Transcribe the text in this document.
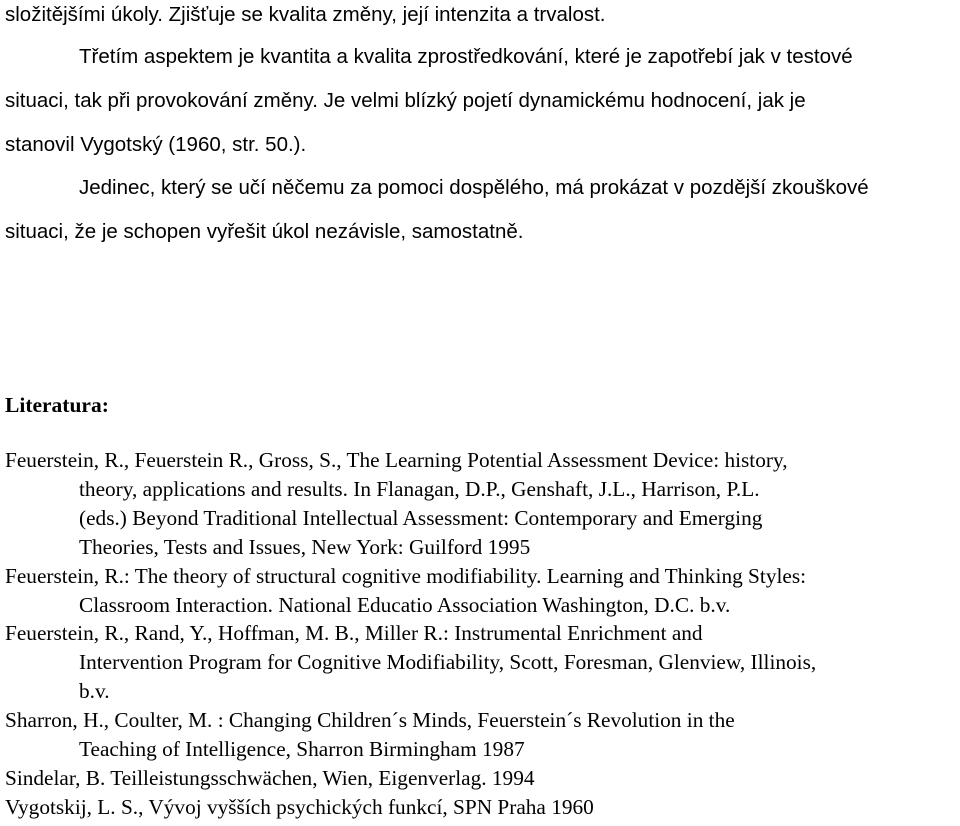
složitějšími úkoly. Zjišťuje se kvalita změny, její intenzita a trvalost.
Třetím aspektem je kvantita a kvalita zprostředkování, které je zapotřebí jak v testové
situaci, tak při provokování změny. Je velmi blízký pojetí dynamickému hodnocení, jak je
stanovil Vygotský (1960, str. 50.).
Jedinec, který se učí něčemu za pomoci dospělého, má prokázat v pozdější zkouškové
situaci, že je schopen vyřešit úkol nezávisle, samostatně.
Literatura:
Feuerstein, R., Feuerstein R., Gross, S., The Learning Potential Assessment Device: history,
theory, applications and results. In Flanagan, D.P., Genshaft, J.L., Harrison, P.L.
(eds.) Beyond Traditional Intellectual Assessment: Contemporary and Emerging
Theories, Tests and Issues, New York: Guilford 1995
Feuerstein, R.: The theory of structural cognitive modifiability. Learning and Thinking Styles:
Classroom Interaction. National Educatio Association Washington, D.C. b.v.
Feuerstein, R., Rand, Y., Hoffman, M. B., Miller R.: Instrumental Enrichment and
Intervention Program for Cognitive Modifiability, Scott, Foresman, Glenview, Illinois,
b.v.
Sharron, H., Coulter, M. : Changing Children´s Minds, Feuerstein´s Revolution in the
Teaching of Intelligence, Sharron Birmingham 1987
Sindelar, B. Teilleistungsschwächen, Wien, Eigenverlag. 1994
Vygotskij, L. S., Vývoj vyšších psychických funkcí, SPN Praha 1960
